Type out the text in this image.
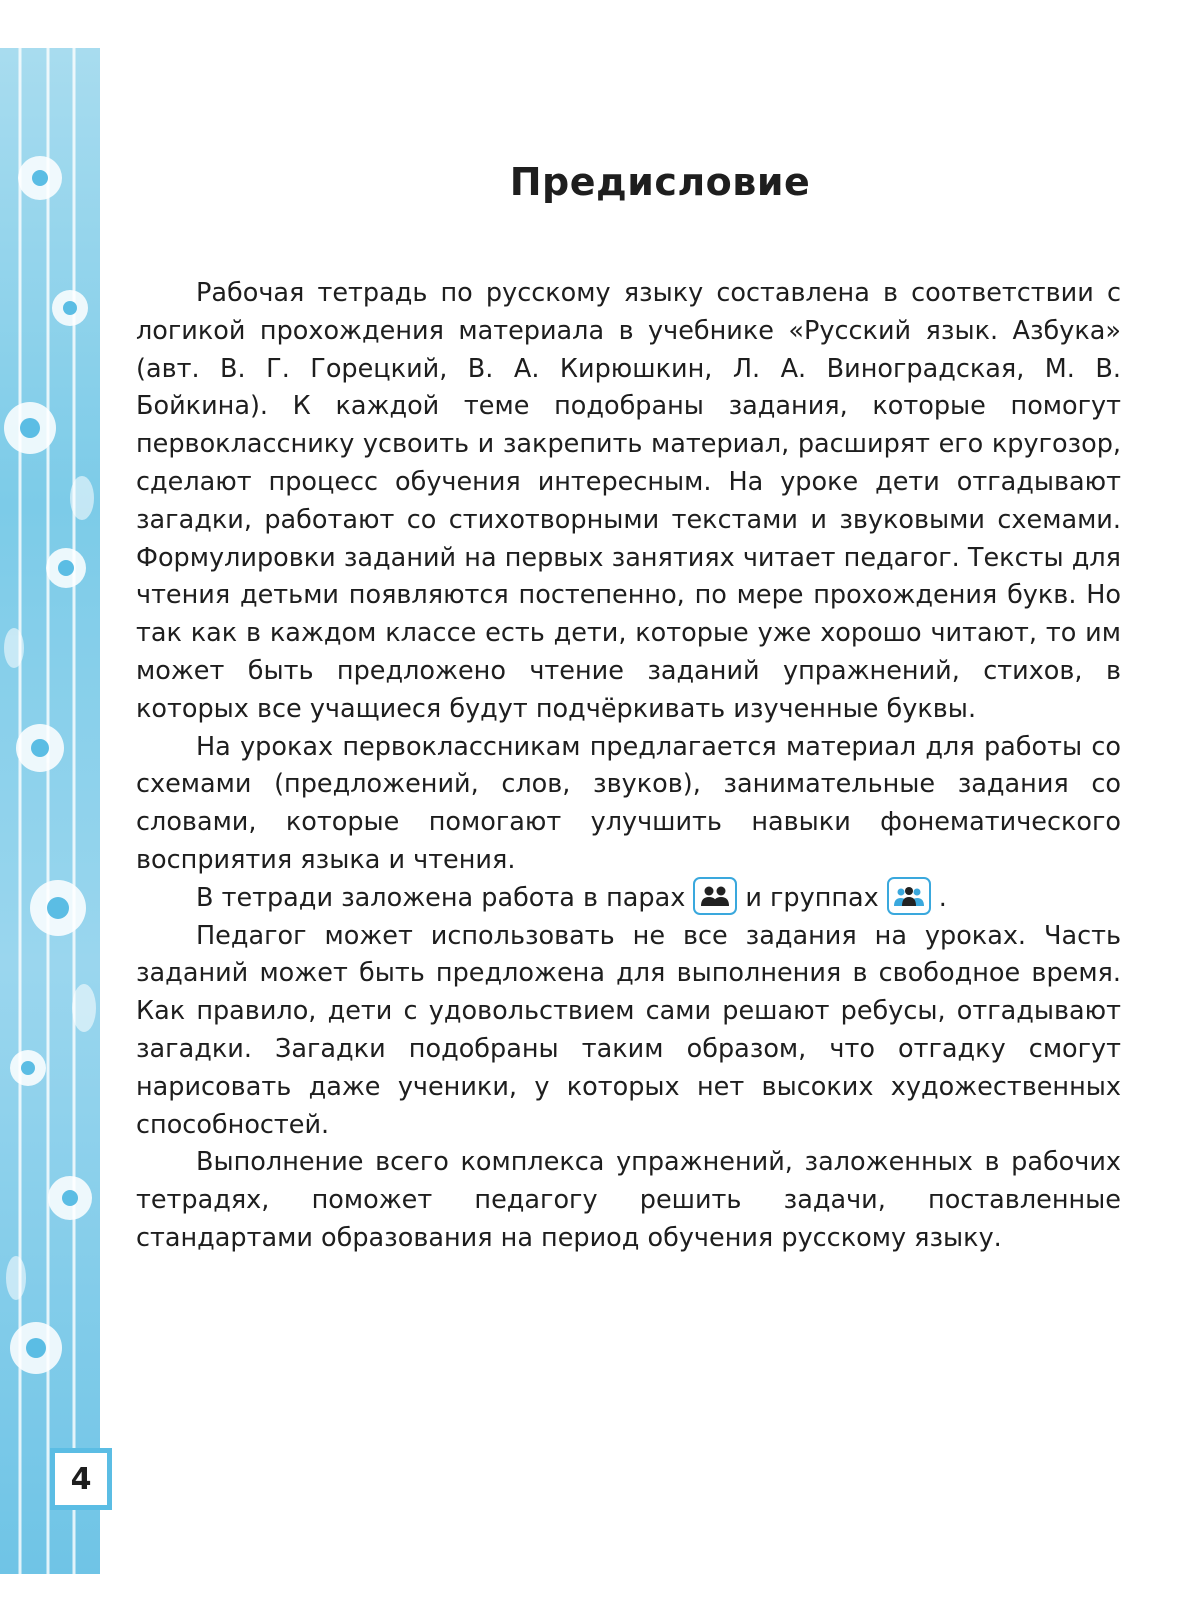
4
Предисловие

Рабочая тетрадь по русскому языку составлена в соответствии с логикой прохождения материала в учебнике «Русский язык. Азбука» (авт. В. Г. Горецкий, В. А. Кирюшкин, Л. А. Виноградская, М. В. Бойкина). К каждой теме подобраны задания, которые помогут первокласснику усвоить и закрепить материал, расширят его кругозор, сделают процесс обучения интересным. На уроке дети отгадывают загадки, работают со стихотворными текстами и звуковыми схемами. Формулировки заданий на первых занятиях читает педагог. Тексты для чтения детьми появляются постепенно, по мере прохождения букв. Но так как в каждом классе есть дети, которые уже хорошо читают, то им может быть предложено чтение заданий упражнений, стихов, в которых все учащиеся будут подчёркивать изученные буквы.

На уроках первоклассникам предлагается материал для работы со схемами (предложений, слов, звуков), занимательные задания со словами, которые помогают улучшить навыки фонематического восприятия языка и чтения.

В тетради заложена работа в парах и группах .

Педагог может использовать не все задания на уроках. Часть заданий может быть предложена для выполнения в свободное время. Как правило, дети с удовольствием сами решают ребусы, отгадывают загадки. Загадки подобраны таким образом, что отгадку смогут нарисовать даже ученики, у которых нет высоких художественных способностей.

Выполнение всего комплекса упражнений, заложенных в рабочих тетрадях, поможет педагогу решить задачи, поставленные стандартами образования на период обучения русскому языку.
